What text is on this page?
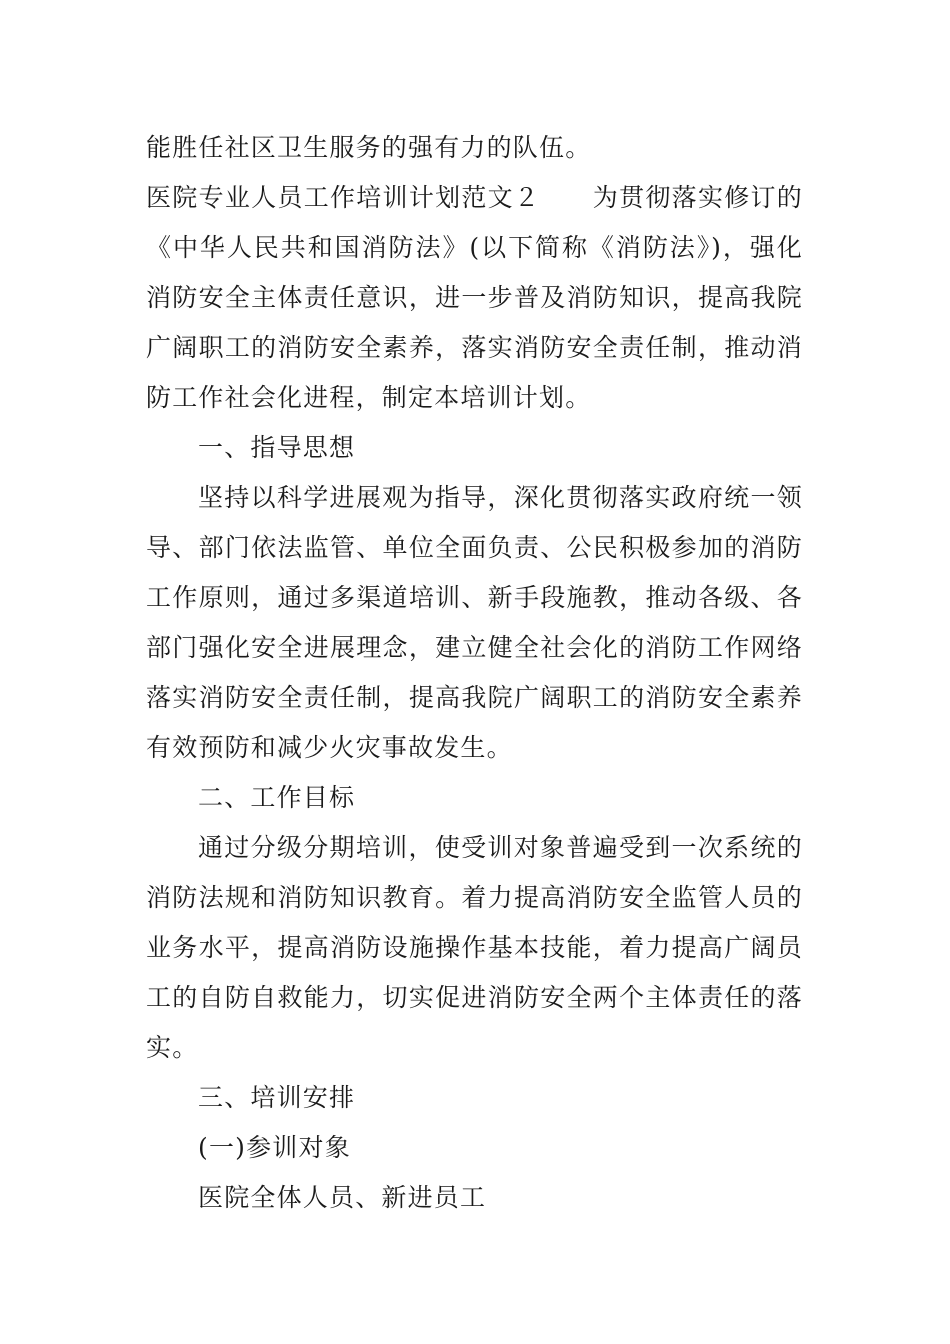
能胜任社区卫生服务的强有力的队伍。
医院专业人员工作培训计划范文２　　为贯彻落实修订的
《中华人民共和国消防法》(以下简称《消防法》)，强化
消防安全主体责任意识，进一步普及消防知识，提高我院
广阔职工的消防安全素养，落实消防安全责任制，推动消
防工作社会化进程，制定本培训计划。
一、指导思想
坚持以科学进展观为指导，深化贯彻落实政府统一领
导、部门依法监管、单位全面负责、公民积极参加的消防
工作原则，通过多渠道培训、新手段施教，推动各级、各
部门强化安全进展理念，建立健全社会化的消防工作网络
落实消防安全责任制，提高我院广阔职工的消防安全素养
有效预防和减少火灾事故发生。
二、工作目标
通过分级分期培训，使受训对象普遍受到一次系统的
消防法规和消防知识教育。着力提高消防安全监管人员的
业务水平，提高消防设施操作基本技能，着力提高广阔员
工的自防自救能力，切实促进消防安全两个主体责任的落
实。
三、培训安排
(一)参训对象
医院全体人员、新进员工
